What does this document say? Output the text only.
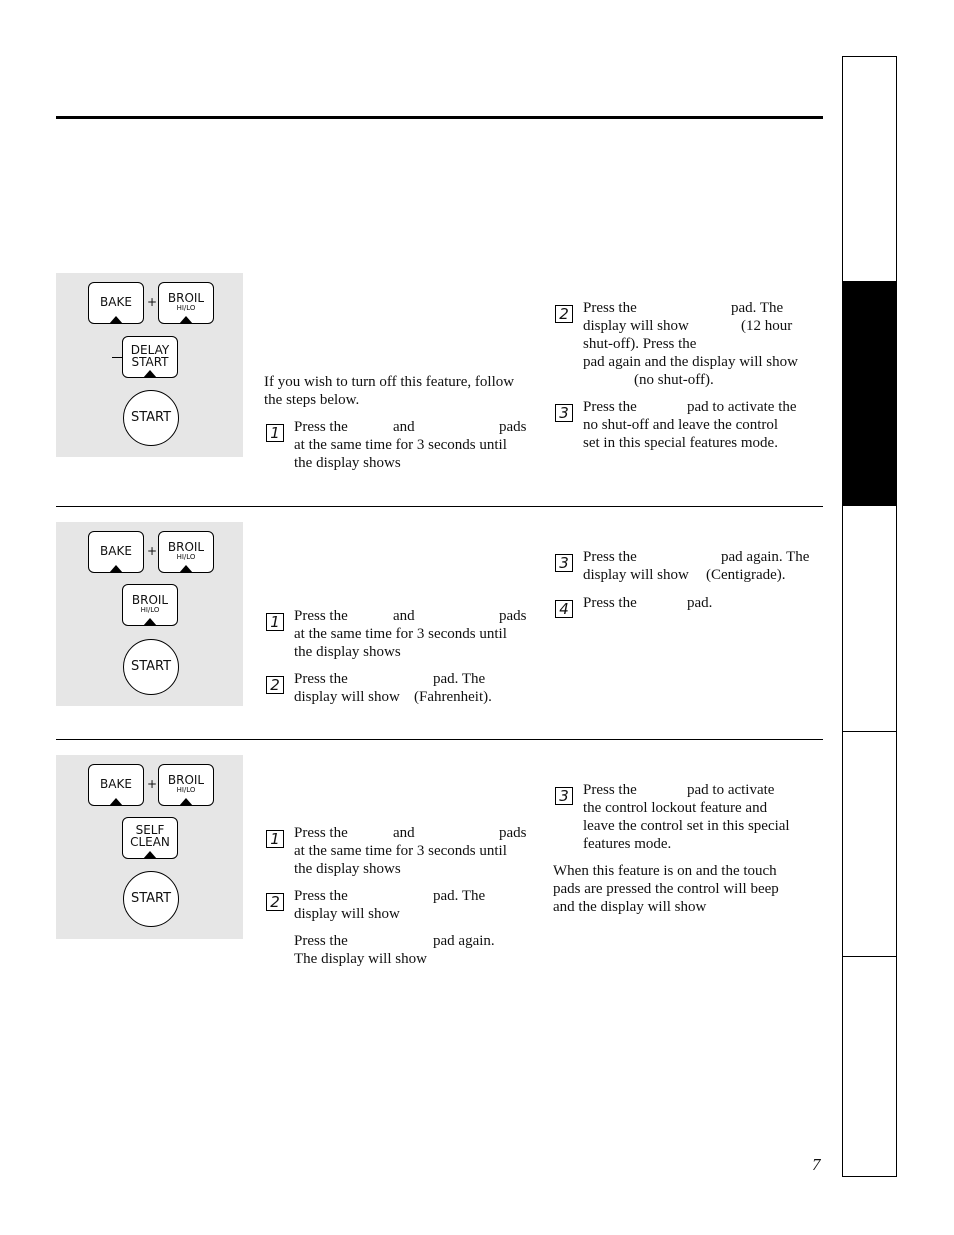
BAKE	+ BROIL
HI/LO
DELAY
START
START
If you wish to turn off this feature, follow
the steps below.
1 Press the	and	pads
at the same time for 3 seconds until
the display shows
2 Press the	pad. The
display will show	(12 hour
shut-off). Press the
pad again and the display will show
(no shut-off).
3 Press the	pad to activate the
no shut-off and leave the control
set in this special features mode.
BAKE	+ BROIL
HI/LO
BROIL
HI/LO
START
1 Press the	and	pads
at the same time for 3 seconds until
the display shows
2 Press the	pad. The
display will show (Fahrenheit).
3 Press the	pad again. The
display will show (Centigrade).
4 Press the	pad.
BAKE	+ BROIL
HI/LO
SELF
CLEAN
START
1 Press the	and	pads
at the same time for 3 seconds until
the display shows
2 Press the	pad. The
display will show
Press the	pad again.
The display will show
3 Press the	pad to activate
the control lockout feature and
leave the control set in this special
features mode.
When this feature is on and the touch
pads are pressed the control will beep
and the display will show
7
